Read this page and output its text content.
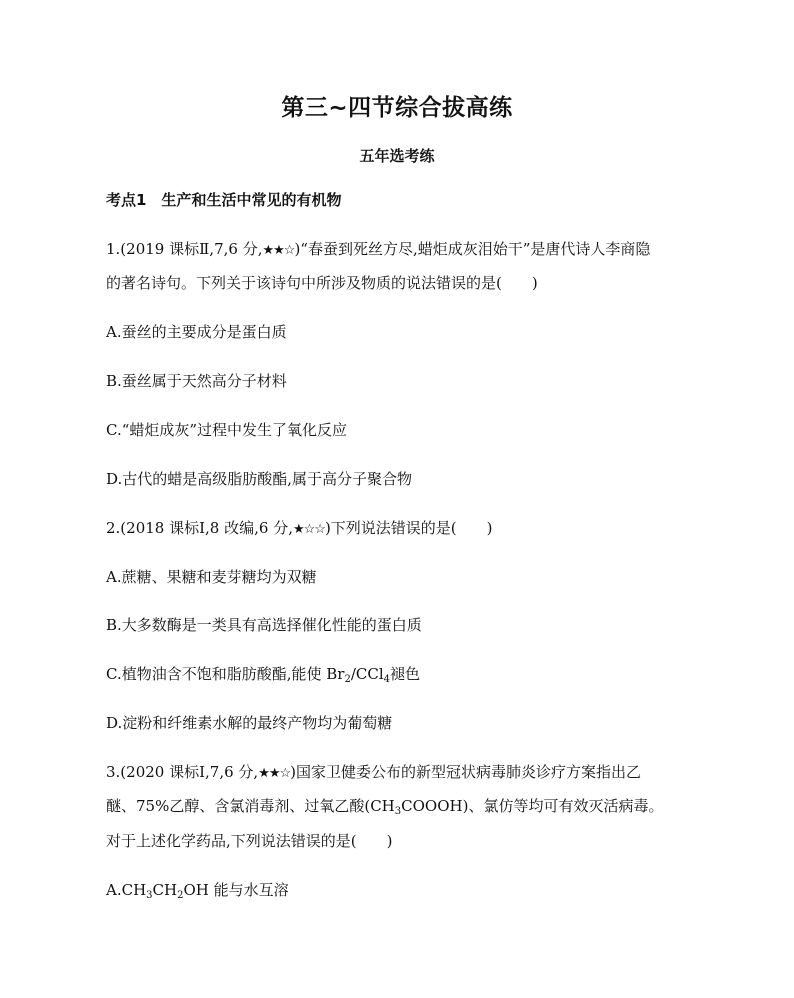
第三~四节综合拔高练
五年选考练
考点1　生产和生活中常见的有机物
1.(2019 课标Ⅱ,7,6 分,★★☆)“春蚕到死丝方尽,蜡炬成灰泪始干”是唐代诗人李商隐
的著名诗句。下列关于该诗句中所涉及物质的说法错误的是(　　)
A.蚕丝的主要成分是蛋白质
B.蚕丝属于天然高分子材料
C.“蜡炬成灰”过程中发生了氧化反应
D.古代的蜡是高级脂肪酸酯,属于高分子聚合物
2.(2018 课标Ⅰ,8 改编,6 分,★☆☆)下列说法错误的是(　　)
A.蔗糖、果糖和麦芽糖均为双糖
B.大多数酶是一类具有高选择催化性能的蛋白质
C.植物油含不饱和脂肪酸酯,能使 $Br_2/CCl_4$褪色
D.淀粉和纤维素水解的最终产物均为葡萄糖
3.(2020 课标Ⅰ,7,6 分,★★☆)国家卫健委公布的新型冠状病毒肺炎诊疗方案指出乙
醚、75%乙醇、含氯消毒剂、过氧乙酸$(CH_3COOOH)$、氯仿等均可有效灭活病毒。
对于上述化学药品,下列说法错误的是(　　)
$A.CH_3CH_2OH$ 能与水互溶
